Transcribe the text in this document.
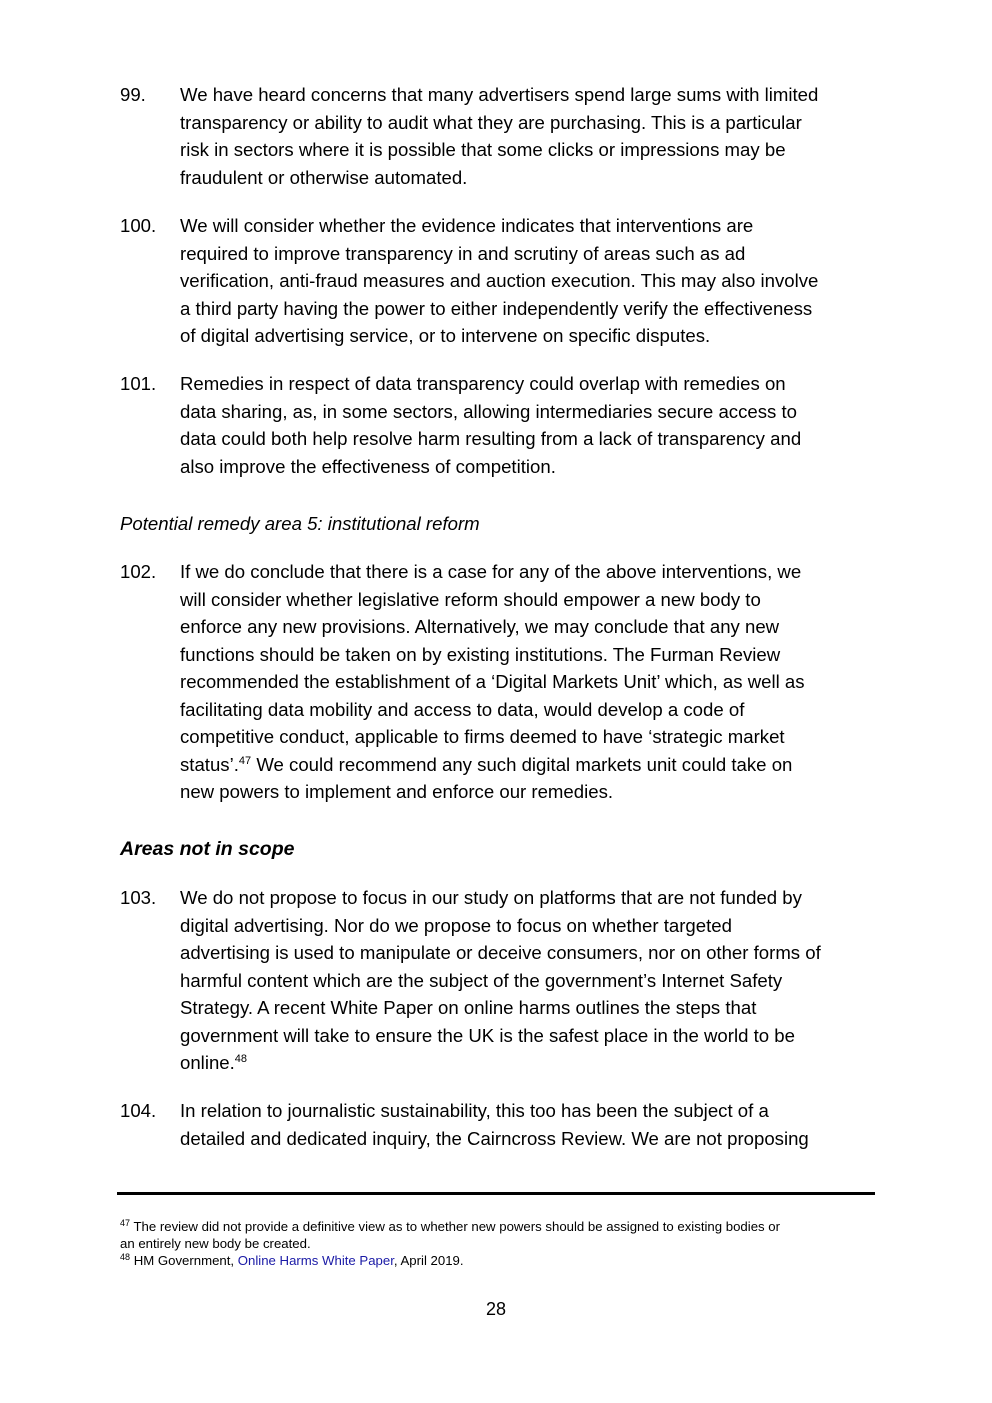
99.	We have heard concerns that many advertisers spend large sums with limited
transparency or ability to audit what they are purchasing. This is a particular
risk in sectors where it is possible that some clicks or impressions may be
fraudulent or otherwise automated.
100.	We will consider whether the evidence indicates that interventions are
required to improve transparency in and scrutiny of areas such as ad
verification, anti-fraud measures and auction execution. This may also involve
a third party having the power to either independently verify the effectiveness
of digital advertising service, or to intervene on specific disputes.
101.	Remedies in respect of data transparency could overlap with remedies on
data sharing, as, in some sectors, allowing intermediaries secure access to
data could both help resolve harm resulting from a lack of transparency and
also improve the effectiveness of competition.
Potential remedy area 5: institutional reform
102.	If we do conclude that there is a case for any of the above interventions, we
will consider whether legislative reform should empower a new body to
enforce any new provisions. Alternatively, we may conclude that any new
functions should be taken on by existing institutions. The Furman Review
recommended the establishment of a ‘Digital Markets Unit’ which, as well as
facilitating data mobility and access to data, would develop a code of
competitive conduct, applicable to firms deemed to have ‘strategic market
status’.$^{47}$ We could recommend any such digital markets unit could take on
new powers to implement and enforce our remedies.
Areas not in scope
103.	We do not propose to focus in our study on platforms that are not funded by
digital advertising. Nor do we propose to focus on whether targeted
advertising is used to manipulate or deceive consumers, nor on other forms of
harmful content which are the subject of the government’s Internet Safety
Strategy. A recent White Paper on online harms outlines the steps that
government will take to ensure the UK is the safest place in the world to be
online.$^{48}$
104.	In relation to journalistic sustainability, this too has been the subject of a
detailed and dedicated inquiry, the Cairncross Review. We are not proposing
$^{47}$ The review did not provide a definitive view as to whether new powers should be assigned to existing bodies or
an entirely new body be created.
$^{48}$ HM Government, Online Harms White Paper, April 2019.
28
